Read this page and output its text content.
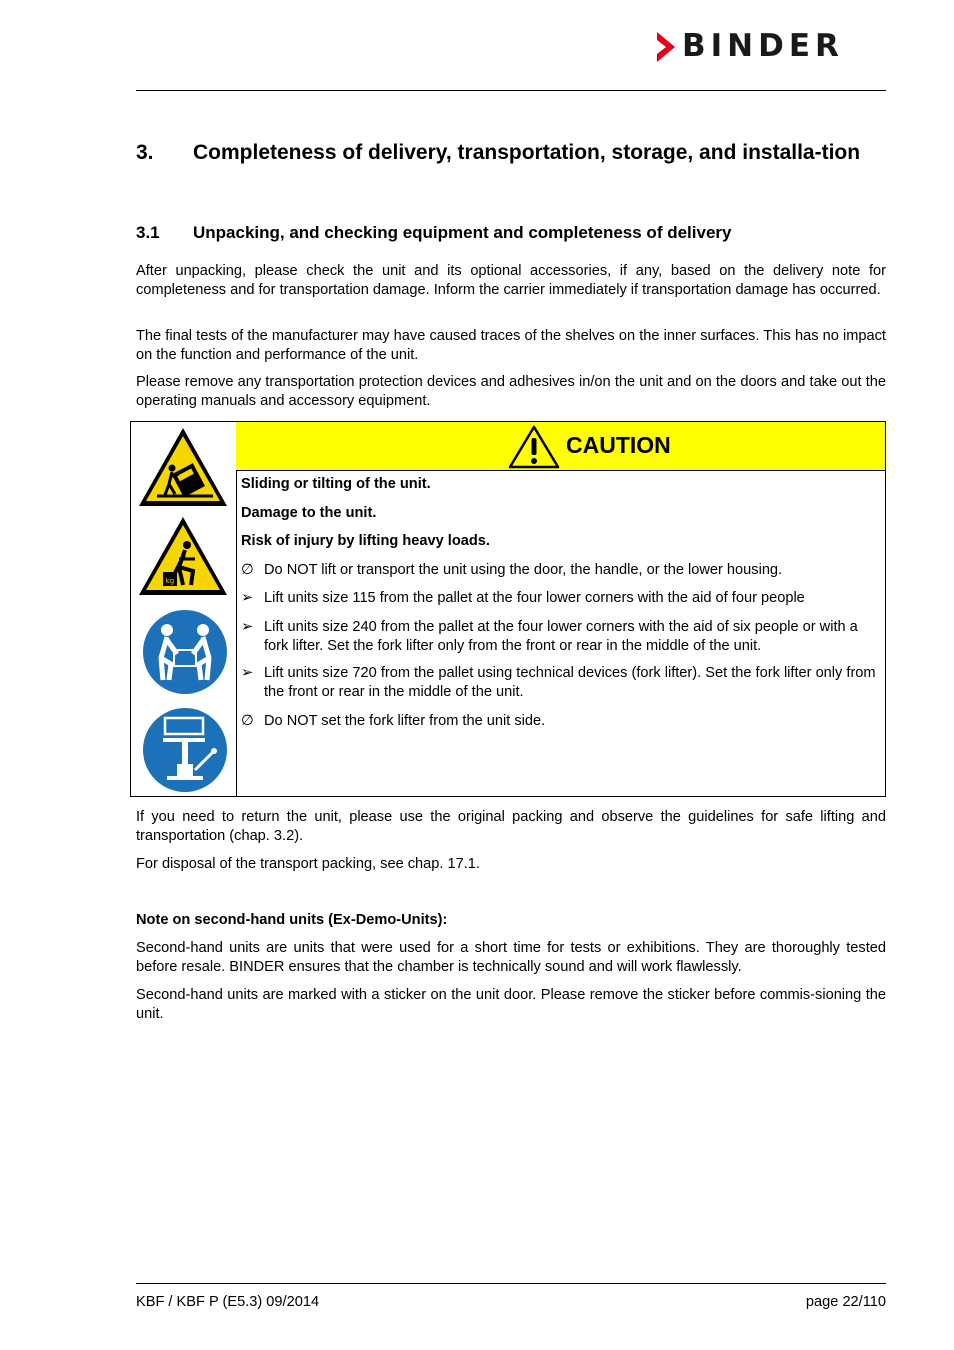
BINDER
3. Completeness of delivery, transportation, storage, and installa-tion
3.1 Unpacking, and checking equipment and completeness of delivery
After unpacking, please check the unit and its optional accessories, if any, based on the delivery note for completeness and for transportation damage. Inform the carrier immediately if transportation damage has occurred.
The final tests of the manufacturer may have caused traces of the shelves on the inner surfaces. This has no impact on the function and performance of the unit.
Please remove any transportation protection devices and adhesives in/on the unit and on the doors and take out the operating manuals and accessory equipment.
kg
CAUTION
Sliding or tilting of the unit.
Damage to the unit.
Risk of injury by lifting heavy loads.
∅ Do NOT lift or transport the unit using the door, the handle, or the lower housing.
➢ Lift units size 115 from the pallet at the four lower corners with the aid of four people
➢ Lift units size 240 from the pallet at the four lower corners with the aid of six people or with a fork lifter. Set the fork lifter only from the front or rear in the middle of the unit.
➢ Lift units size 720 from the pallet using technical devices (fork lifter). Set the fork lifter only from the front or rear in the middle of the unit.
∅ Do NOT set the fork lifter from the unit side.
If you need to return the unit, please use the original packing and observe the guidelines for safe lifting and transportation (chap. 3.2).
For disposal of the transport packing, see chap. 17.1.
Note on second-hand units (Ex-Demo-Units):
Second-hand units are units that were used for a short time for tests or exhibitions. They are thoroughly tested before resale. BINDER ensures that the chamber is technically sound and will work flawlessly.
Second-hand units are marked with a sticker on the unit door. Please remove the sticker before commis-sioning the unit.
KBF / KBF P (E5.3) 09/2014	page 22/110
